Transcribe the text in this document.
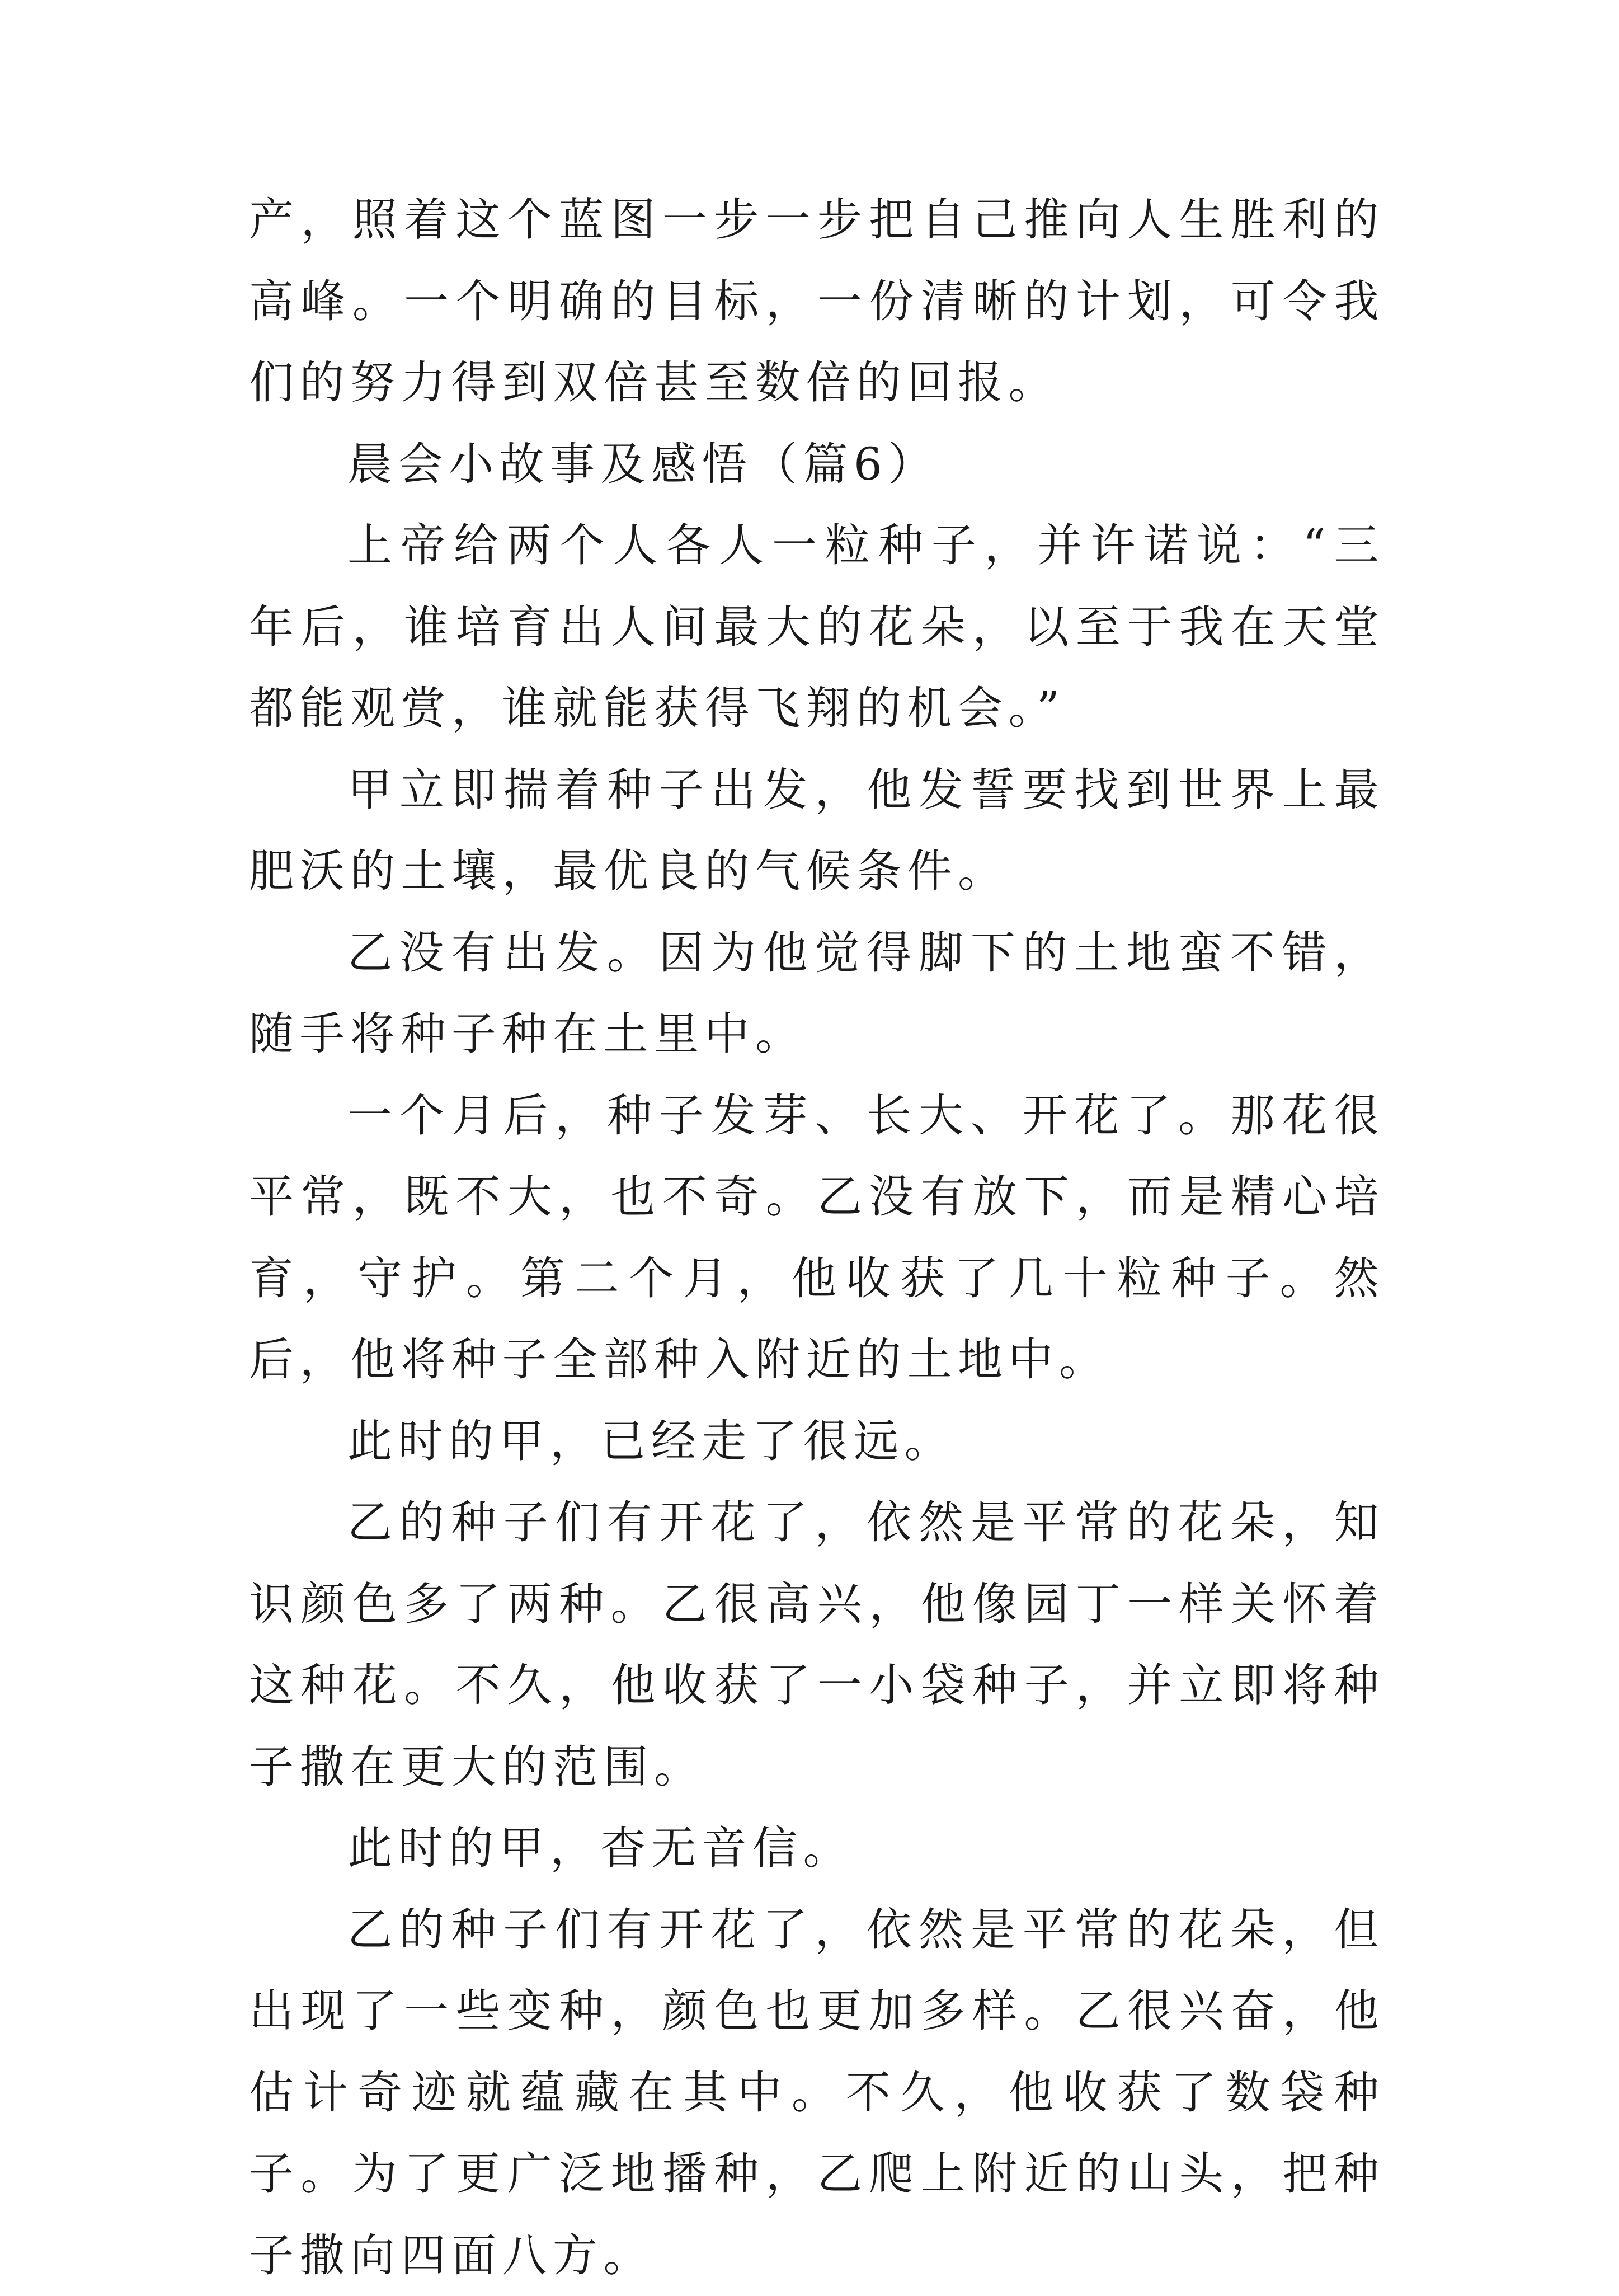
产，照着这个蓝图一步一步把自己推向人生胜利的高峰。一个明确的目标，一份清晰的计划，可令我们的努力得到双倍甚至数倍的回报。

晨会小故事及感悟（篇6）

上帝给两个人各人一粒种子，并许诺说：“三年后，谁培育出人间最大的花朵，以至于我在天堂都能观赏，谁就能获得飞翔的机会。”

甲立即揣着种子出发，他发誓要找到世界上最肥沃的土壤，最优良的气候条件。

乙没有出发。因为他觉得脚下的土地蛮不错，随手将种子种在土里中。

一个月后，种子发芽、长大、开花了。那花很平常，既不大，也不奇。乙没有放下，而是精心培育，守护。第二个月，他收获了几十粒种子。然后，他将种子全部种入附近的土地中。

此时的甲，已经走了很远。

乙的种子们有开花了，依然是平常的花朵，知识颜色多了两种。乙很高兴，他像园丁一样关怀着这种花。不久，他收获了一小袋种子，并立即将种子撒在更大的范围。

此时的甲，杳无音信。

乙的种子们有开花了，依然是平常的花朵，但出现了一些变种，颜色也更加多样。乙很兴奋，他估计奇迹就蕴藏在其中。不久，他收获了数袋种子。为了更广泛地播种，乙爬上附近的山头，把种子撒向四面八方。
